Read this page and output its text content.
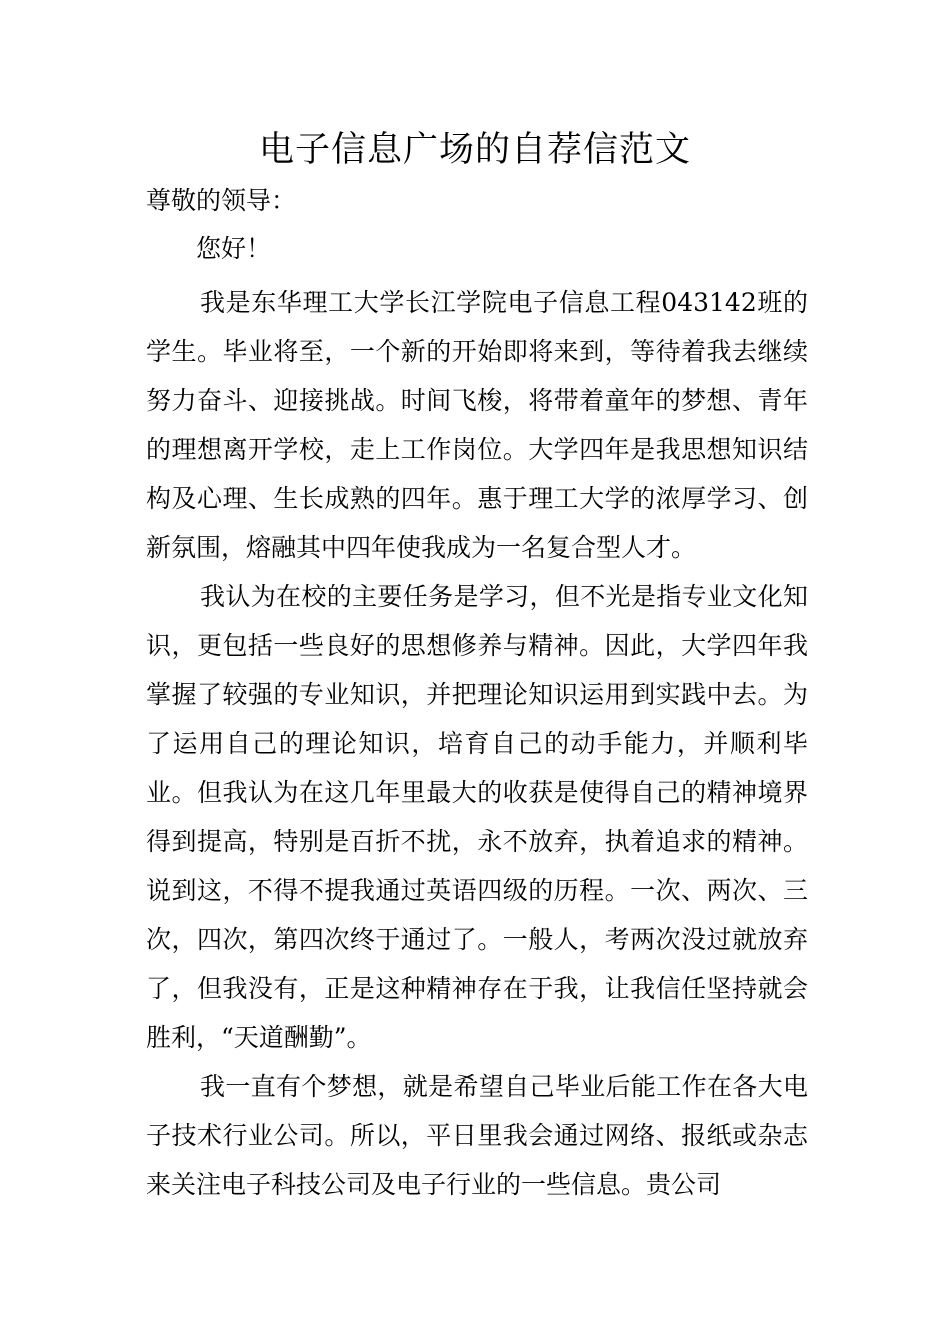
电子信息广场的自荐信范文

尊敬的领导：

您好！

我是东华理工大学长江学院电子信息工程043142班的学生。毕业将至，一个新的开始即将来到，等待着我去继续努力奋斗、迎接挑战。时间飞梭，将带着童年的梦想、青年的理想离开学校，走上工作岗位。大学四年是我思想知识结构及心理、生长成熟的四年。惠于理工大学的浓厚学习、创新氛围，熔融其中四年使我成为一名复合型人才。

我认为在校的主要任务是学习，但不光是指专业文化知识，更包括一些良好的思想修养与精神。因此，大学四年我掌握了较强的专业知识，并把理论知识运用到实践中去。为了运用自己的理论知识，培育自己的动手能力，并顺利毕业。但我认为在这几年里最大的收获是使得自己的精神境界得到提高，特别是百折不扰，永不放弃，执着追求的精神。说到这，不得不提我通过英语四级的历程。一次、两次、三次，四次，第四次终于通过了。一般人，考两次没过就放弃了，但我没有，正是这种精神存在于我，让我信任坚持就会胜利，“天道酬勤”。

我一直有个梦想，就是希望自己毕业后能工作在各大电子技术行业公司。所以，平日里我会通过网络、报纸或杂志来关注电子科技公司及电子行业的一些信息。贵公司
